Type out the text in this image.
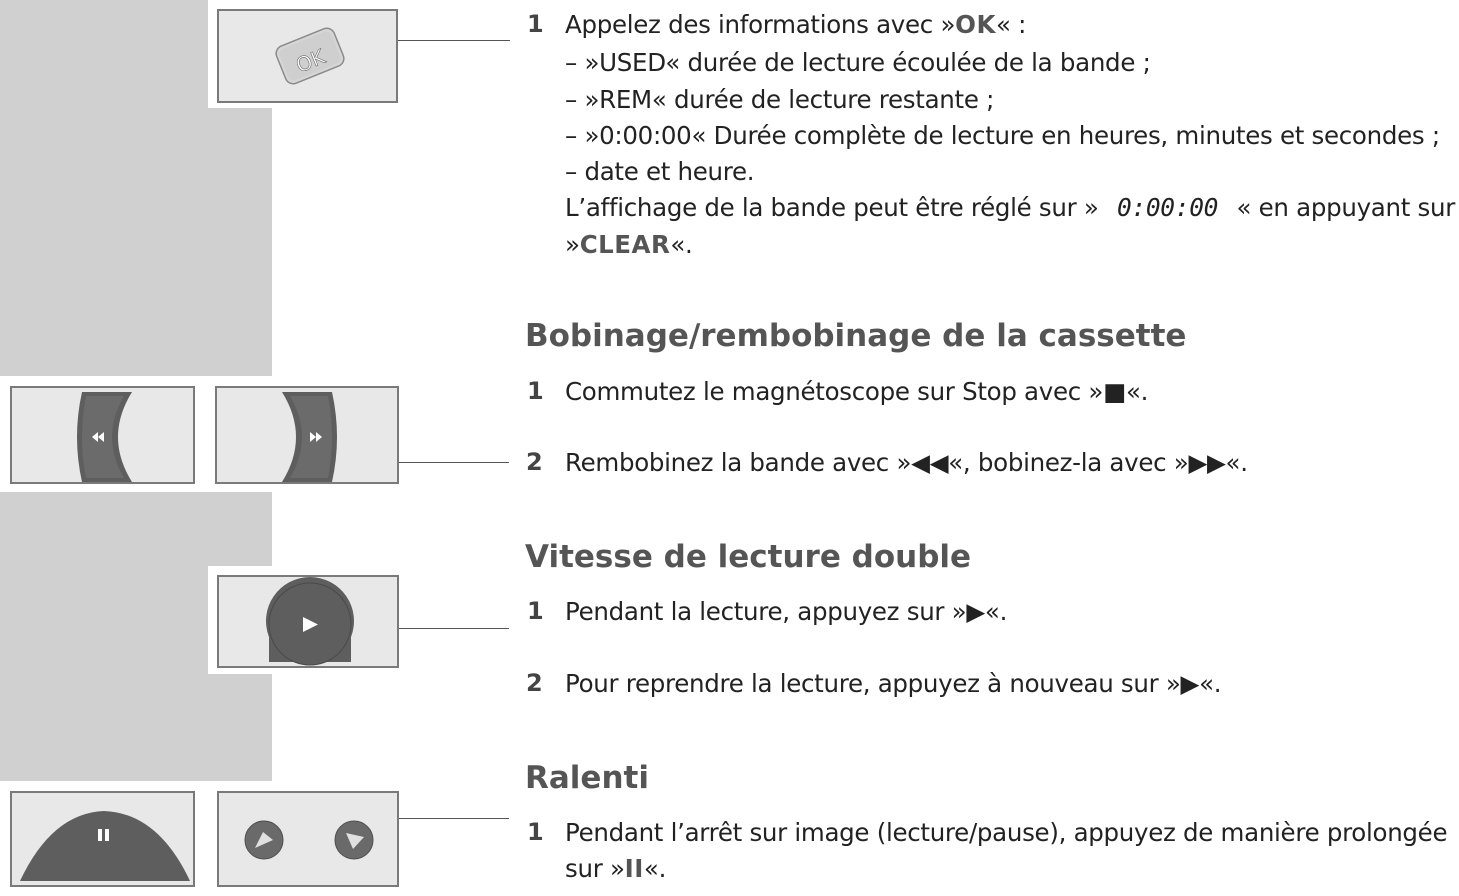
OK
1 Appelez des informations avec »OK« :
– »USED« durée de lecture écoulée de la bande ;
– »REM« durée de lecture restante ;
– »0:00:00« Durée complète de lecture en heures, minutes et secondes ;
– date et heure.
L’affichage de la bande peut être réglé sur » 0:00:00 « en appuyant sur
»CLEAR«.
Bobinage/rembobinage de la cassette
1 Commutez le magnétoscope sur Stop avec »■«.
2 Rembobinez la bande avec »◀◀«, bobinez-la avec »▶▶«.
Vitesse de lecture double
1 Pendant la lecture, appuyez sur »▶«.
2 Pour reprendre la lecture, appuyez à nouveau sur »▶«.
Ralenti
1 Pendant l’arrêt sur image (lecture/pause), appuyez de manière prolongée
sur »II«.
